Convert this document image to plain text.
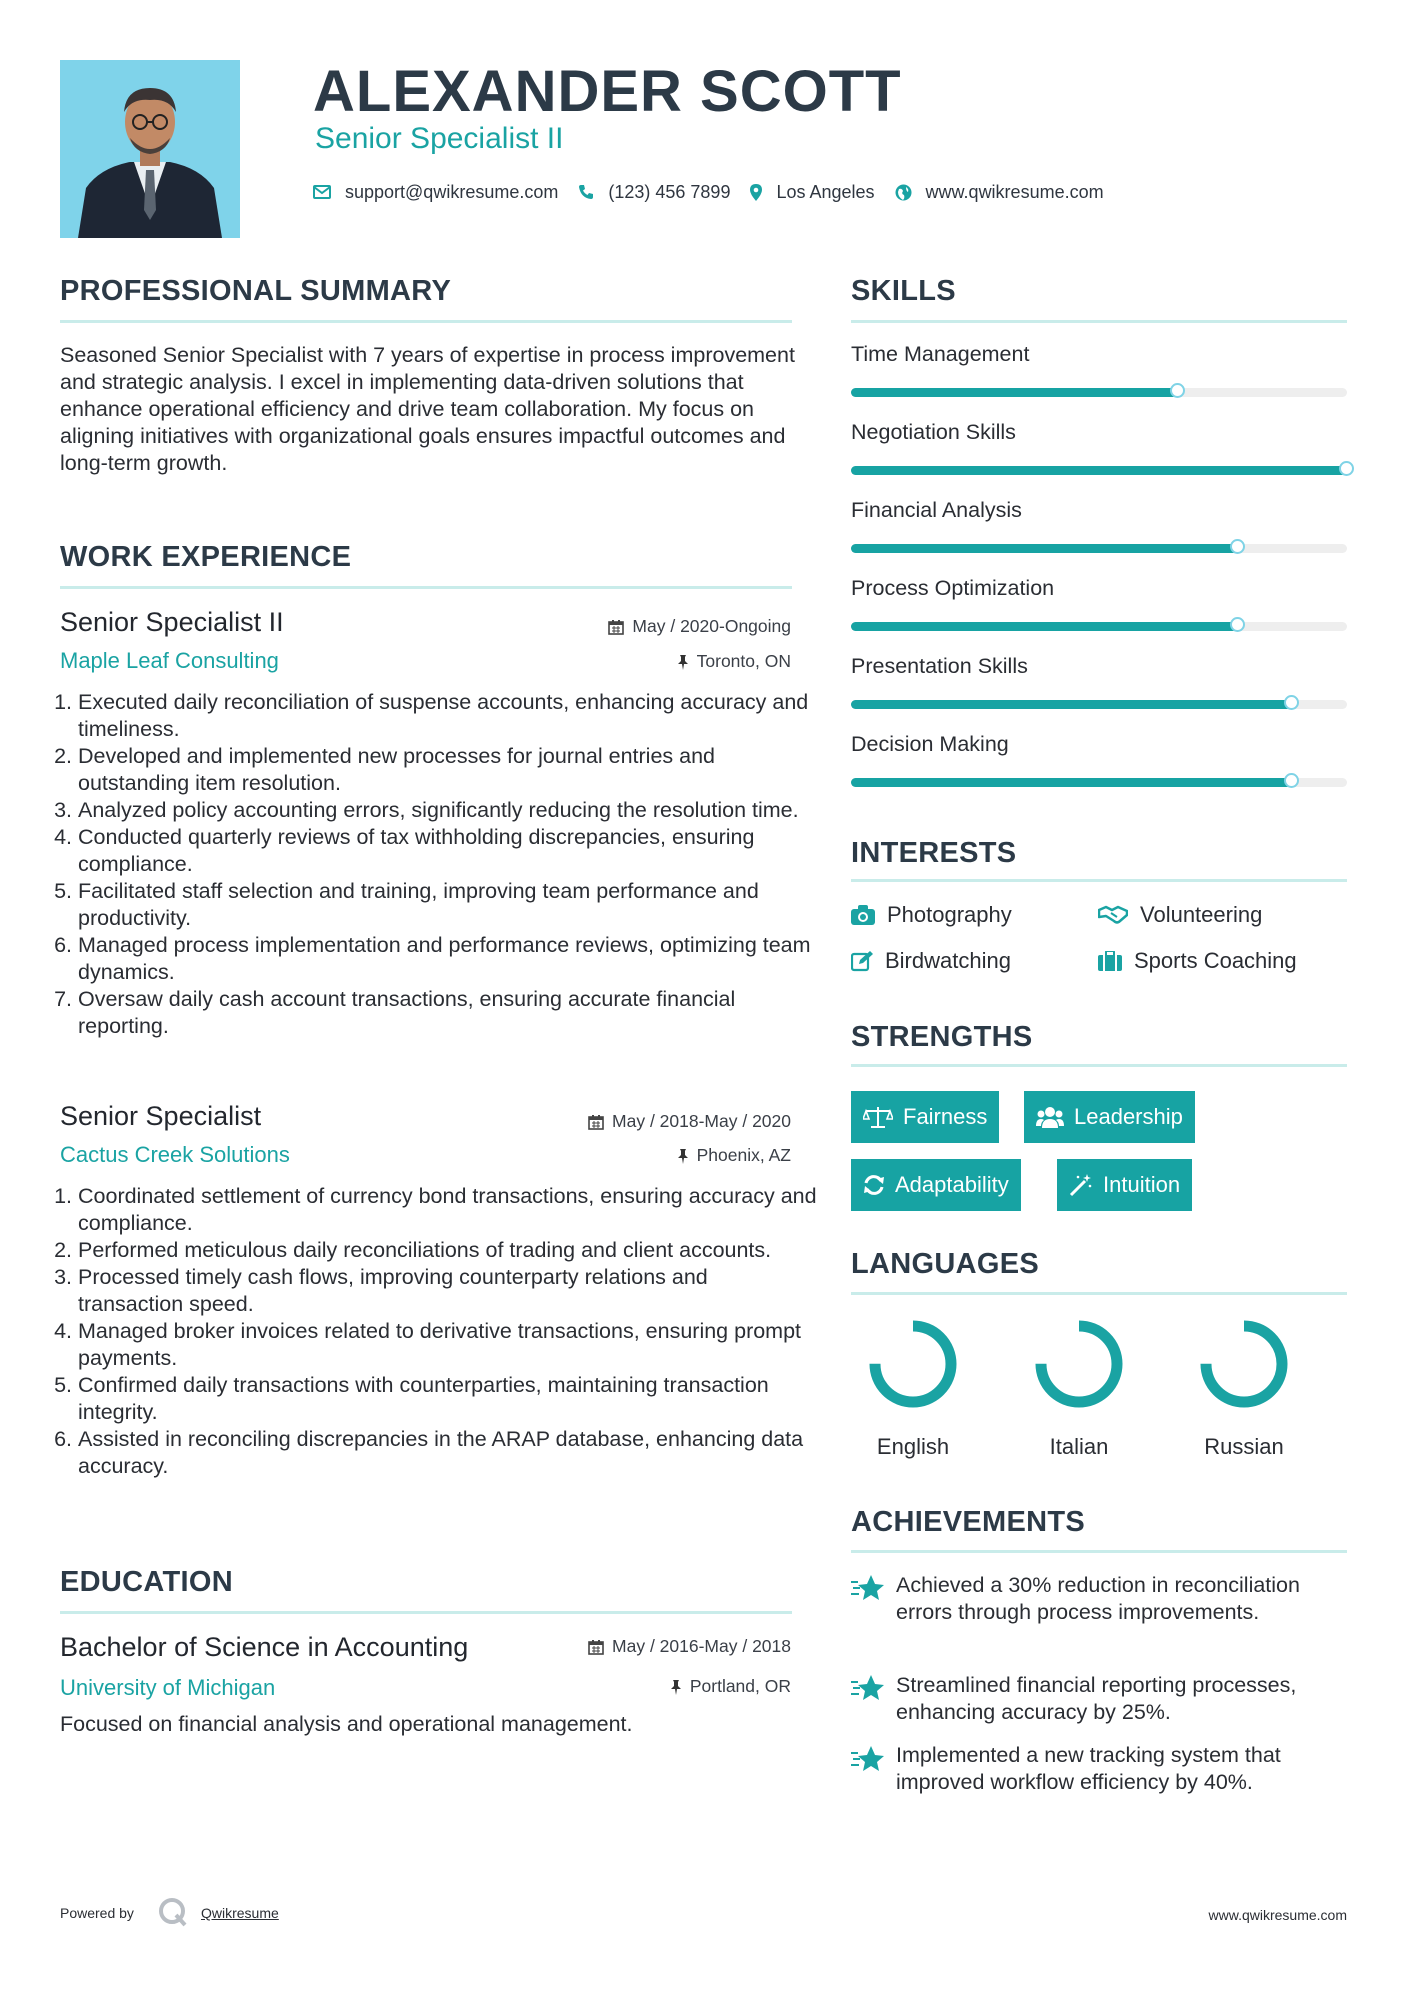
ALEXANDER SCOTT
Senior Specialist II
support@qwikresume.com	(123) 456 7899	Los Angeles	www.qwikresume.com
PROFESSIONAL SUMMARY
Seasoned Senior Specialist with 7 years of expertise in process improvement and strategic analysis. I excel in implementing data-driven solutions that enhance operational efficiency and drive team collaboration. My focus on aligning initiatives with organizational goals ensures impactful outcomes and long-term growth.
WORK EXPERIENCE
Senior Specialist II	May / 2020-Ongoing
Maple Leaf Consulting	Toronto, ON
1. Executed daily reconciliation of suspense accounts, enhancing accuracy and timeliness.
2. Developed and implemented new processes for journal entries and outstanding item resolution.
3. Analyzed policy accounting errors, significantly reducing the resolution time.
4. Conducted quarterly reviews of tax withholding discrepancies, ensuring compliance.
5. Facilitated staff selection and training, improving team performance and productivity.
6. Managed process implementation and performance reviews, optimizing team dynamics.
7. Oversaw daily cash account transactions, ensuring accurate financial reporting.
Senior Specialist	May / 2018-May / 2020
Cactus Creek Solutions	Phoenix, AZ
1. Coordinated settlement of currency bond transactions, ensuring accuracy and compliance.
2. Performed meticulous daily reconciliations of trading and client accounts.
3. Processed timely cash flows, improving counterparty relations and transaction speed.
4. Managed broker invoices related to derivative transactions, ensuring prompt payments.
5. Confirmed daily transactions with counterparties, maintaining transaction integrity.
6. Assisted in reconciling discrepancies in the ARAP database, enhancing data accuracy.
EDUCATION
Bachelor of Science in Accounting	May / 2016-May / 2018
University of Michigan	Portland, OR
Focused on financial analysis and operational management.
SKILLS
Time Management
Negotiation Skills
Financial Analysis
Process Optimization
Presentation Skills
Decision Making
INTERESTS
Photography	Volunteering
Birdwatching	Sports Coaching
STRENGTHS
Fairness	Leadership
Adaptability	Intuition
LANGUAGES
English	Italian	Russian
ACHIEVEMENTS
Achieved a 30% reduction in reconciliation errors through process improvements.
Streamlined financial reporting processes, enhancing accuracy by 25%.
Implemented a new tracking system that improved workflow efficiency by 40%.
Powered by	Qwikresume	www.qwikresume.com
